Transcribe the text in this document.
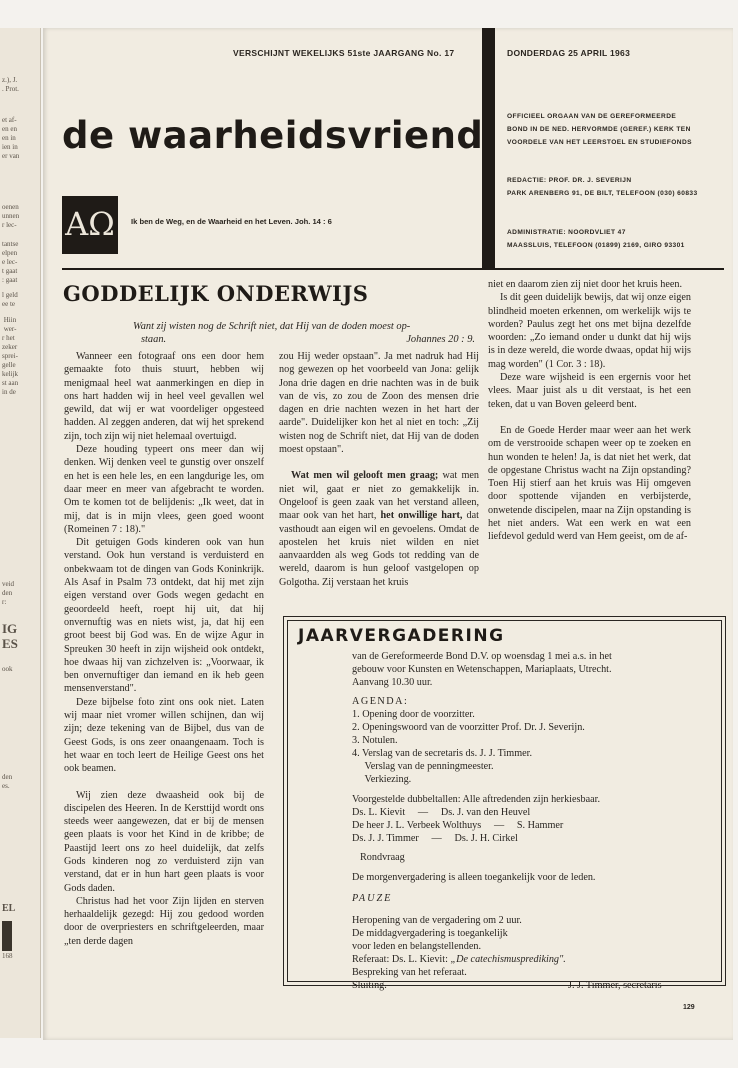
z.), J.
. Prot.
et af-
en en
en in
ien in
er van
oenen
unnen
r lec-
tantse
elpen
e lec-
t gaat
: gaat
l geld
ee te
Hiin
wer-
r het
zeker
sprei-
gelle
kelijk
st aan
in de
veid
den
r:
IG
ES
ook
den
es.
EL
168
VERSCHIJNT WEKELIJKS 51ste JAARGANG No. 17	DONDERDAG 25 APRIL 1963
de waarheidsvriend	OFFICIEEL ORGAAN VAN DE GEREFORMEERDE
BOND IN DE NED. HERVORMDE (GEREF.) KERK TEN
VOORDELE VAN HET LEERSTOEL EN STUDIEFONDS
REDACTIE: PROF. DR. J. SEVERIJN
PARK ARENBERG 91, DE BILT, TELEFOON (030) 60833
ADMINISTRATIE: NOORDVLIET 47
MAASSLUIS, TELEFOON (01899) 2169, GIRO 93301
AΩ	Ik ben de Weg, en de Waarheid en het Leven. Joh. 14 : 6
GODDELIJK ONDERWIJS
Want zij wisten nog de Schrift niet, dat Hij van de doden moest op-
staan.	Johannes 20 : 9.

Wanneer een fotograaf ons een door hem gemaakte foto thuis stuurt, hebben wij menigmaal heel wat aanmerkingen en diep in ons hart hadden wij in heel veel gevallen wel gewild, dat wij er wat voordeliger opgesteed hadden. Al zeggen anderen, dat wij het sprekend zijn, toch zijn wij niet helemaal overtuigd.

Deze houding typeert ons meer dan wij denken. Wij denken veel te gunstig over onszelf en het is een hele les, en een langdurige les, om daar meer en meer van afgebracht te worden. Om te komen tot de belijdenis: „Ik weet, dat in mij, dat is in mijn vlees, geen goed woont (Romeinen 7 : 18)."

Dit getuigen Gods kinderen ook van hun verstand. Ook hun verstand is verduisterd en onbekwaam tot de dingen van Gods Koninkrijk. Als Asaf in Psalm 73 ontdekt, dat hij met zijn eigen verstand over Gods wegen gedacht en geoordeeld heeft, roept hij uit, dat hij onvernuftig was en niets wist, ja, dat hij een groot beest bij God was. En de wijze Agur in Spreuken 30 heeft in zijn wijsheid ook ontdekt, hoe dwaas hij van zichzelven is: „Voorwaar, ik ben onvernuftiger dan iemand en ik heb geen mensenverstand".

Deze bijbelse foto zint ons ook niet. Laten wij maar niet vromer willen schijnen, dan wij zijn; deze tekening van de Bijbel, dus van de Geest Gods, is ons zeer onaangenaam. Toch is het waar en toch leert de Heilige Geest ons het ook beamen.

Wij zien deze dwaasheid ook bij de discipelen des Heeren. In de Kersttijd wordt ons steeds weer aangewezen, dat er bij de mensen geen plaats is voor het Kind in de kribbe; de Paastijd leert ons zo heel duidelijk, dat zelfs Gods kinderen nog zo verduisterd zijn van verstand, dat er in hun hart geen plaats is voor Gods daden.

Christus had het voor Zijn lijden en sterven herhaaldelijk gezegd: Hij zou gedood worden door de overpriesters en schriftgeleerden, maar „ten derde dagen

zou Hij weder opstaan". Ja met nadruk had Hij nog gewezen op het voorbeeld van Jona: gelijk Jona drie dagen en drie nachten was in de buik van de vis, zo zou de Zoon des mensen drie dagen en drie nachten wezen in het hart der aarde". Duidelijker kon het al niet en toch: „Zij wisten nog de Schrift niet, dat Hij van de doden moest opstaan".

Wat men wil gelooft men graag; wat men niet wil, gaat er niet zo gemakkelijk in. Ongeloof is geen zaak van het verstand alleen, maar ook van het hart, het onwillige hart, dat vasthoudt aan eigen wil en gevoelens. Omdat de apostelen het kruis niet wilden en niet aanvaardden als weg Gods tot redding van de wereld, daarom is hun geloof vastgelopen op Golgotha. Zij verstaan het kruis

niet en daarom zien zij niet door het kruis heen.

Is dit geen duidelijk bewijs, dat wij onze eigen blindheid moeten erkennen, om werkelijk wijs te worden? Paulus zegt het ons met bijna dezelfde woorden: „Zo iemand onder u dunkt dat hij wijs is in deze wereld, die worde dwaas, opdat hij wijs mag worden" (1 Cor. 3 : 18).

Deze ware wijsheid is een ergernis voor het vlees. Maar juist als u dit verstaat, is het een teken, dat u van Boven geleerd bent.

En de Goede Herder maar weer aan het werk om de verstrooide schapen weer op te zoeken en hun wonden te helen! Ja, is dat niet het werk, dat de opgestane Christus wacht na Zijn opstanding? Toen Hij stierf aan het kruis was Hij omgeven door spottende vijanden en verbijsterde, onwetende discipelen, maar na Zijn opstanding is het niet anders. Wat een werk en wat een liefdevol geduld werd van Hem geeist, om de af-

JAARVERGADERING
van de Gereformeerde Bond D.V. op woensdag 1 mei a.s. in het
gebouw voor Kunsten en Wetenschappen, Mariaplaats, Utrecht.
Aanvang 10.30 uur.
AGENDA:
1. Opening door de voorzitter.
2. Openingswoord van de voorzitter Prof. Dr. J. Severijn.
3. Notulen.
4. Verslag van de secretaris ds. J. J. Timmer.
Verslag van de penningmeester.
Verkiezing.
Voorgestelde dubbeltallen: Alle aftredenden zijn herkiesbaar.
Ds. L. Kievit     —     Ds. J. van den Heuvel
De heer J. L. Verbeek Wolthuys     —     S. Hammer
Ds. J. J. Timmer     —     Ds. J. H. Cirkel
Rondvraag
De morgenvergadering is alleen toegankelijk voor de leden.
PAUZE
Heropening van de vergadering om 2 uur.
De middagvergadering is toegankelijk
voor leden en belangstellenden.
Referaat: Ds. L. Kievit: „De catechismusprediking".
Bespreking van het referaat.
Sluiting.	J. J. Timmer, secretaris
129
